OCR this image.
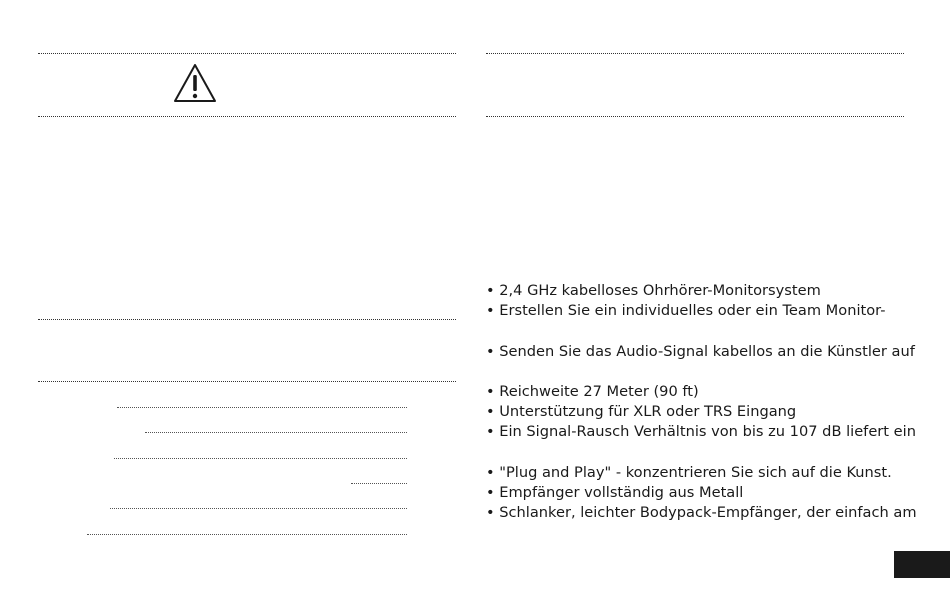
• 2,4 GHz kabelloses Ohrhörer-Monitorsystem

• Erstellen Sie ein individuelles oder ein Team Monitor-

• Senden Sie das Audio-Signal kabellos an die Künstler auf

• Reichweite 27 Meter (90 ft)

• Unterstützung für XLR oder TRS Eingang

• Ein Signal-Rausch Verhältnis von bis zu 107 dB liefert ein

• "Plug and Play" - konzentrieren Sie sich auf die Kunst.

• Empfänger vollständig aus Metall

• Schlanker, leichter Bodypack-Empfänger, der einfach am
